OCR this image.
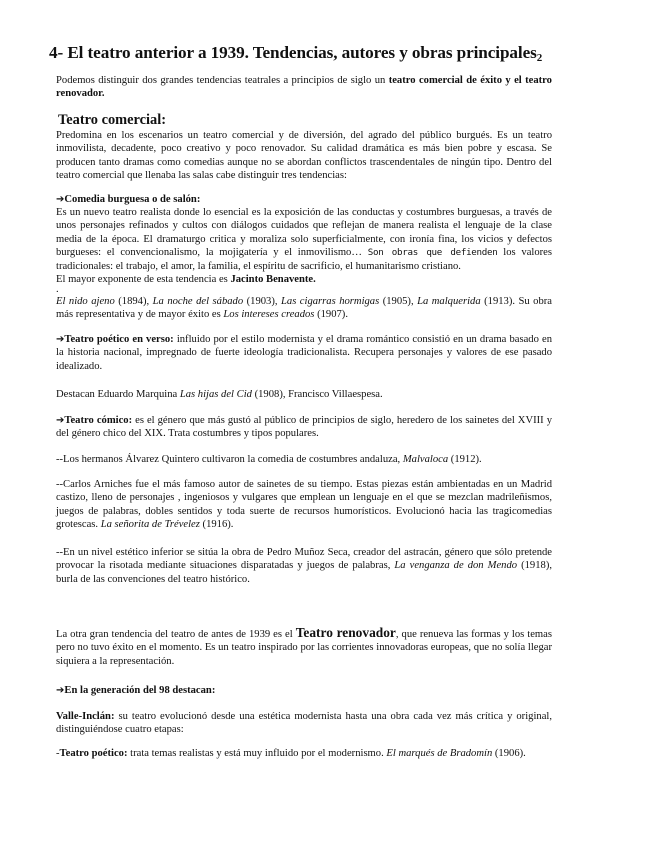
4- El teatro anterior a 1939. Tendencias, autores y obras principales$_2$
Podemos distinguir dos grandes tendencias teatrales a principios de siglo un teatro comercial de éxito y el teatro renovador.
Teatro comercial:
Predomina en los escenarios un teatro comercial y de diversión, del agrado del público burgués. Es un teatro inmovilista, decadente, poco creativo y poco renovador. Su calidad dramática es más bien pobre y escasa. Se producen tanto dramas como comedias aunque no se abordan conflictos trascendentales de ningún tipo. Dentro del teatro comercial que llenaba las salas cabe distinguir tres tendencias:
➔Comedia burguesa o de salón:
Es un nuevo teatro realista donde lo esencial es la exposición de las conductas y costumbres burguesas, a través de unos personajes refinados y cultos con diálogos cuidados que reflejan de manera realista el lenguaje de la clase media de la época. El dramaturgo critica y moraliza solo superficialmente, con ironía fina, los vicios y defectos burgueses: el convencionalismo, la mojigatería y el inmovilismo… Son obras que defienden los valores tradicionales: el trabajo, el amor, la familia, el espíritu de sacrificio, el humanitarismo cristiano.
El mayor exponente de esta tendencia es Jacinto Benavente.
.
El nido ajeno (1894), La noche del sábado (1903), Las cigarras hormigas (1905), La malquerida (1913). Su obra más representativa y de mayor éxito es Los intereses creados (1907).
➔Teatro poético en verso: influido por el estilo modernista y el drama romántico consistió en un drama basado en la historia nacional, impregnado de fuerte ideología tradicionalista. Recupera personajes y valores de ese pasado idealizado.
Destacan Eduardo Marquina Las hijas del Cid (1908), Francisco Villaespesa.
➔Teatro cómico: es el género que más gustó al público de principios de siglo, heredero de los sainetes del XVIII y del género chico del XIX. Trata costumbres y tipos populares.
--Los hermanos Álvarez Quintero cultivaron la comedia de costumbres andaluza, Malvaloca (1912).
--Carlos Arniches fue el más famoso autor de sainetes de su tiempo. Estas piezas están ambientadas en un Madrid castizo, lleno de personajes , ingeniosos y vulgares que emplean un lenguaje en el que se mezclan madrileñismos, juegos de palabras, dobles sentidos y toda suerte de recursos humorísticos. Evolucionó hacia las tragicomedias grotescas. La señorita de Trévelez (1916).
--En un nivel estético inferior se sitúa la obra de Pedro Muñoz Seca, creador del astracán, género que sólo pretende provocar la risotada mediante situaciones disparatadas y juegos de palabras, La venganza de don Mendo (1918), burla de las convenciones del teatro histórico.
La otra gran tendencia del teatro de antes de 1939 es el Teatro renovador, que renueva las formas y los temas pero no tuvo éxito en el momento. Es un teatro inspirado por las corrientes innovadoras europeas, que no solía llegar siquiera a la representación.
➔En la generación del 98 destacan:
Valle-Inclán: su teatro evolucionó desde una estética modernista hasta una obra cada vez más crítica y original, distinguiéndose cuatro etapas:
-Teatro poético: trata temas realistas y está muy influido por el modernismo. El marqués de Bradomín (1906).
